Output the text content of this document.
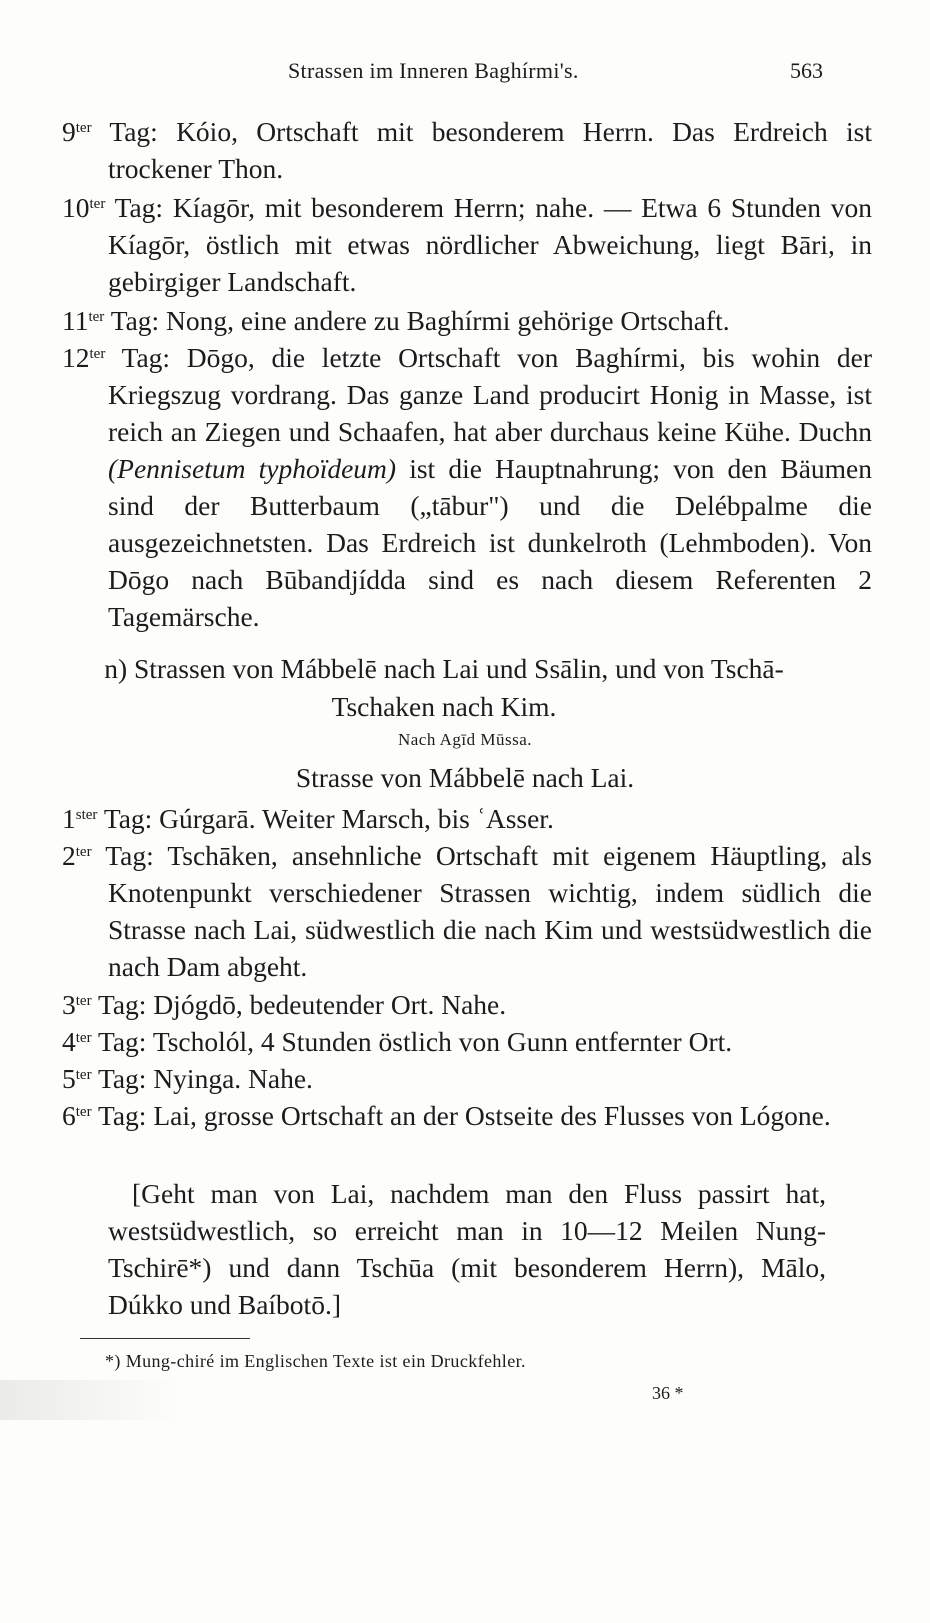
Strassen im Inneren Baghírmi's.	563
$9^{ter}$ Tag: Kóio, Ortschaft mit besonderem Herrn. Das Erdreich ist trockener Thon.
$10^{ter}$ Tag: Kíagōr, mit besonderem Herrn; nahe. — Etwa 6 Stunden von Kíagōr, östlich mit etwas nördlicher Abweichung, liegt Bāri, in gebirgiger Landschaft.
$11^{ter}$ Tag: Nong, eine andere zu Baghírmi gehörige Ortschaft.
$12^{ter}$ Tag: Dōgo, die letzte Ortschaft von Baghírmi, bis wohin der Kriegszug vordrang. Das ganze Land producirt Honig in Masse, ist reich an Ziegen und Schaafen, hat aber durchaus keine Kühe. Duchn (Pennisetum typhoïdeum) ist die Hauptnahrung; von den Bäumen sind der Butterbaum („tābur") und die Delébpalme die ausgezeichnetsten. Das Erdreich ist dunkelroth (Lehmboden). Von Dōgo nach Būbandjídda sind es nach diesem Referenten 2 Tagemärsche.
n) Strassen von Mábbelē nach Lai und Ssālin, und von Tschā-
Tschaken nach Kim.
Nach Agīd Mūssa.
Strasse von Mábbelē nach Lai.
$1^{ster}$ Tag: Gúrgarā. Weiter Marsch, bis ʿAsser.
$2^{ter}$ Tag: Tschāken, ansehnliche Ortschaft mit eigenem Häuptling, als Knotenpunkt verschiedener Strassen wichtig, indem südlich die Strasse nach Lai, südwestlich die nach Kim und westsüdwestlich die nach Dam abgeht.
$3^{ter}$ Tag: Djógdō, bedeutender Ort. Nahe.
$4^{ter}$ Tag: Tscholól, 4 Stunden östlich von Gunn entfernter Ort.
$5^{ter}$ Tag: Nyinga. Nahe.
$6^{ter}$ Tag: Lai, grosse Ortschaft an der Ostseite des Flusses von Lógone.
[Geht man von Lai, nachdem man den Fluss passirt hat, westsüdwestlich, so erreicht man in 10—12 Meilen Nung-Tschirē*) und dann Tschūa (mit besonderem Herrn), Mālo, Dúkko und Baíbotō.]
*) Mung-chiré im Englischen Texte ist ein Druckfehler.
36 *
